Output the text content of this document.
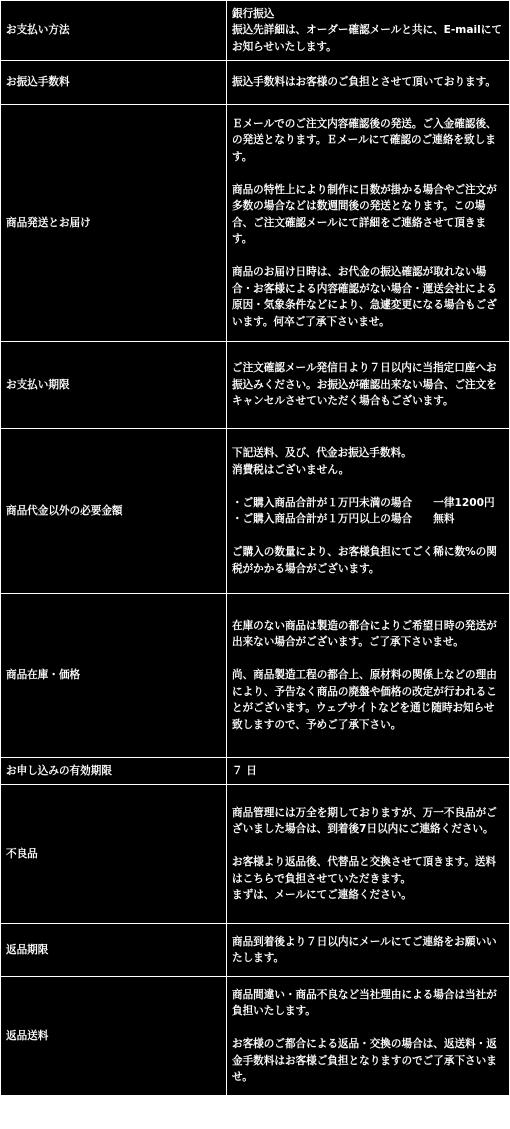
お支払い方法	銀行振込
振込先詳細は、オーダー確認メールと共に、E-mailにてお知らせいたします。
お振込手数料	振込手数料はお客様のご負担とさせて頂いております。
商品発送とお届け	Ｅメールでのご注文内容確認後の発送。ご入金確認後、の発送となります。Ｅメールにて確認のご連絡を致します。

商品の特性上により制作に日数が掛かる場合やご注文が多数の場合などは数週間後の発送となります。この場合、ご注文確認メールにて詳細をご連絡させて頂きます。

商品のお届け日時は、お代金の振込確認が取れない場合・お客様による内容確認がない場合・運送会社による原因・気象条件などにより、急遽変更になる場合もございます。何卒ご了承下さいませ。
お支払い期限	ご注文確認メール発信日より７日以内に当指定口座へお振込みください。お振込が確認出来ない場合、ご注文をキャンセルさせていただく場合もございます。
商品代金以外の必要金額	下記送料、及び、代金お振込手数料。
消費税はございません。

・ご購入商品合計が１万円未満の場合　　一律1200円
・ご購入商品合計が１万円以上の場合　　無料

ご購入の数量により、お客様負担にてごく稀に数%の関税がかかる場合がございます。
商品在庫・価格	在庫のない商品は製造の都合によりご希望日時の発送が出来ない場合がございます。ご了承下さいませ。

尚、商品製造工程の都合上、原材料の関係上などの理由により、予告なく商品の廃盤や価格の改定が行われることがございます。ウェブサイトなどを通じ随時お知らせ致しますので、予めご了承下さい。
お申し込みの有効期限	７ 日
不良品	商品管理には万全を期しておりますが、万一不良品がございました場合は、到着後7日以内にご連絡ください。

お客様より返品後、代替品と交換させて頂きます。送料はこちらで負担させていただきます。
まずは、メールにてご連絡ください。
返品期限	商品到着後より７日以内にメールにてご連絡をお願いいたします。
返品送料	商品間違い・商品不良など当社理由による場合は当社が負担いたします。

お客様のご都合による返品・交換の場合は、返送料・返金手数料はお客様ご負担となりますのでご了承下さいませ。
